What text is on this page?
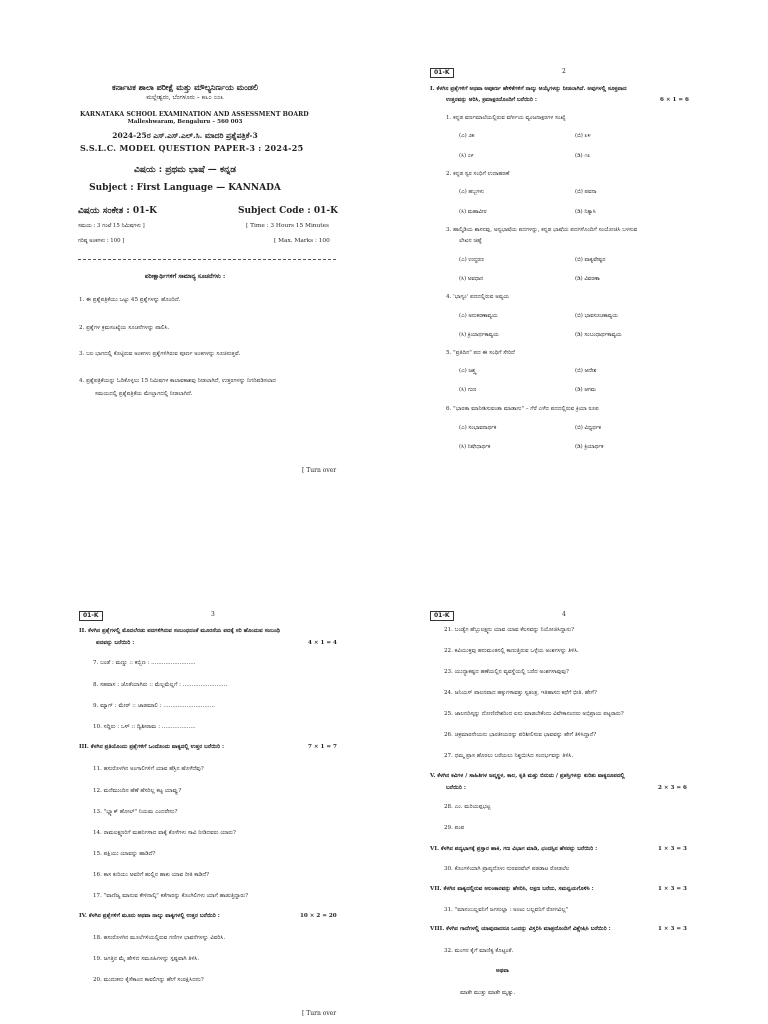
ಕರ್ನಾಟಕ ಶಾಲಾ ಪರೀಕ್ಷೆ ಮತ್ತು ಮೌಲ್ಯನಿರ್ಣಯ ಮಂಡಲಿ
ಮಲ್ಲೇಶ್ವರಂ, ಬೆಂಗಳೂರು – ೫೬೦ ೦೦೩
KARNATAKA SCHOOL EXAMINATION AND ASSESSMENT BOARD
Malleshwaram, Bengaluru – 560 003
2024-25ರ ಎಸ್.ಎಸ್.ಎಲ್.ಸಿ. ಮಾದರಿ ಪ್ರಶ್ನೆಪತ್ರಿಕೆ-3
S.S.L.C. MODEL QUESTION PAPER-3 : 2024-25
ವಿಷಯ : ಪ್ರಥಮ ಭಾಷೆ — ಕನ್ನಡ
Subject : First Language — KANNADA
ವಿಷಯ ಸಂಕೇತ : 01-K	Subject Code : 01-K
ಸಮಯ : 3 ಗಂಟೆ 15 ನಿಮಿಷಗಳು ]	[ Time : 3 Hours 15 Minutes
ಗರಿಷ್ಠ ಅಂಕಗಳು : 100 ]	[ Max. Marks : 100
ಪರೀಕ್ಷಾರ್ಥಿಗಳಿಗೆ ಸಾಮಾನ್ಯ ಸೂಚನೆಗಳು :
1. ಈ ಪ್ರಶ್ನೆಪತ್ರಿಕೆಯು ಒಟ್ಟು 45 ಪ್ರಶ್ನೆಗಳನ್ನು ಹೊಂದಿದೆ.
2. ಪ್ರಶ್ನೆಗಳ ಕ್ರಮಸಂಖ್ಯೆಯ ಸೂಚನೆಗಳನ್ನು ಪಾಲಿಸಿ.
3. ಬಲ ಭಾಗದಲ್ಲಿ ಕೊಟ್ಟಿರುವ ಅಂಕಗಳು ಪ್ರಶ್ನೆಗಳಿಗಿರುವ ಪೂರ್ಣ ಅಂಕಗಳನ್ನು ಸೂಚಿಸುತ್ತವೆ.
4. ಪ್ರಶ್ನೆಪತ್ರಿಕೆಯನ್ನು ಓದಿಕೊಳ್ಳಲು 15 ನಿಮಿಷಗಳ ಕಾಲಾವಕಾಶವು ನೀಡಲಾಗಿದೆ, ಉತ್ತರಗಳನ್ನು ನಿಗದಿಪಡಿಸಲಾದ
ಸಮಯದಲ್ಲಿ ಪ್ರಶ್ನೆಪತ್ರಿಕೆಯ ಮೇಲ್ಭಾಗದಲ್ಲಿ ನೀಡಲಾಗಿದೆ.
[ Turn over
01-K	2
I. ಕೆಳಗಿನ ಪ್ರಶ್ನೆಗಳಿಗೆ ಅಥವಾ ಅಪೂರ್ಣ ಹೇಳಿಕೆಗಳಿಗೆ ನಾಲ್ಕು ಆಯ್ಕೆಗಳನ್ನು ನೀಡಲಾಗಿದೆ. ಅವುಗಳಲ್ಲಿ ಸೂಕ್ತವಾದ
ಉತ್ತರವನ್ನು ಆರಿಸಿ, ಕ್ರಮಾಕ್ಷರದೊಂದಿಗೆ ಬರೆಯಿರಿ :	6 × 1 = 6
1. ಕನ್ನಡ ವರ್ಣಮಾಲೆಯಲ್ಲಿರುವ ವರ್ಗೀಯ ವ್ಯಂಜನಾಕ್ಷರಗಳ ಸಂಖ್ಯೆ
(ಎ) ೨೫	(ಬಿ) ೩೪
(ಸಿ) ೦೯	(ಡಿ) ೧೩
2. ಕನ್ನಡ ಸ್ವರ ಸಂಧಿಗೆ ಉದಾಹರಣೆ
(ಎ) ಹಬ್ಬಗಳು	(ಬಿ) ಪವನಾ
(ಸಿ) ಮಹಾವೀರ	(ಡಿ) ನಿತ್ಯಾಸಿ
3. ಹಾಲ್ಮಿಡಿಯ ಶಾಸನವು, ಅನ್ಯಭಾಷೆಯ ಪದಗಳನ್ನು, ಕನ್ನಡ ಭಾಷೆಯ ಪದಗಳೊಂದಿಗೆ ಸಂಯೋಜಿಸಿ ಬಳಸುವ
ಲೇಖನ ಚಿಹ್ನೆ
(ಎ) ಉದ್ಧರಣ	(ಬಿ) ವಾಕ್ಯವೇಷ್ಟನ
(ಸಿ) ಅವಧಾನ	(ಡಿ) ವಿವರಣಾ
4. 'ಭಾಗ್ಯಂ' ಪದದಲ್ಲಿರುವ ಅವ್ಯಯ
(ಎ) ಅನುಕರಣಾವ್ಯಯ	(ಬಿ) ಭಾವಸೂಚಕಾವ್ಯಯ
(ಸಿ) ಕ್ರಿಯಾರ್ಥಕಾವ್ಯಯ	(ಡಿ) ಸಂಬಂಧಾರ್ಥಕಾವ್ಯಯ
5. "ಪ್ರತಿದಿನ" ಪದ ಈ ಸಂಧಿಗೆ ಸೇರಿದೆ
(ಎ) ಜಶ್ತ್ವ	(ಬಿ) ಆದೇಶ
(ಸಿ) ಗುಣ	(ಡಿ) ಆಗಮ
6. "ಭಾರತಾ ಮಾನೀಶಿಸುವಂತಾ ಮಾಡಾಗು" – ಗೆರೆ ಎಳೆದ ಪದದಲ್ಲಿರುವ ಕ್ರಿಯಾ ರೂಪ
(ಎ) ಸಂಭಾವನಾರ್ಥಕ	(ಬಿ) ವಿಧ್ಯರ್ಥಕ
(ಸಿ) ನಿಷೇಧಾರ್ಥಕ	(ಡಿ) ಕ್ರಿಯಾರ್ಥಕ
01-K	3
II. ಕೆಳಗಿನ ಪ್ರಶ್ನೆಗಳಲ್ಲಿ ಮೊದಲೆರಡು ಪದಗಳಿಗಿರುವ ಸಂಬಂಧದಂತೆ ಮೂರನೆಯ ಪದಕ್ಕೆ ಸರಿ ಹೊಂದುವ ಸಂಬಂಧಿ
ಪದವನ್ನು ಬರೆಯಿರಿ :	4 × 1 = 4
7. ಬಂಡೆ : ಮಣ್ಣು :: ಕಬ್ಬಿಣ : .........................
8. ಸಹವಾಸ : ಜೊತೆಯಾಗಿರು :: ಮೆಲ್ಲಮೆಲ್ಲಗೆ : .........................
9. ಮ್ಯಾಗ್ : ಮೇರ್ :: ಜಾಡಮಾಲಿ : .............................
10. ಸದ್ದಿರು : ಒಳ್ :: ದ್ವಿಶೀರಾಮ : ...................
III. ಕೆಳಗಿನ ಪ್ರತಿಯೊಂದು ಪ್ರಶ್ನೆಗಳಿಗೆ ಒಂದೊಂದು ವಾಕ್ಯದಲ್ಲಿ ಉತ್ತರ ಬರೆಯಿರಿ :	7 × 1 = 7
11. ಹಸುರೊಳಗಿನ ಅಂಗಾಲಿಗಳಿಗೆ ಯಾವ ಹೆಸ್ರಿನ ಹೊಳೆದೆವು?
12. ಮನೆಮುಂದಿನ ಹೆಣೆ ಹೆಸರಿಲ್ಲ ಕಟ್ಟ ಯಾವ್ವು?
13. "ಬ್ಲ್ಯಾಕ್ ಹೋಲ್" ನಿಯಮ ಎಂದರೇನು?
14. ರಾಮಲಕ್ಷ್ಮಣರಿಗೆ ಮಹನಿಗಳಾದ ವಾಕ್ಕೆ ಕೊಳೆಗಳು ಸಾವಿ ನೀಡಿದವರು ಯಾರು?
15. ಪಕ್ಷಿಯು ಯಾವನ್ನು ಹಾಡಿದೆ?
16. ಕಾಸ ಕುರಿಯು ಅವರಿಗೆ ಹುಲ್ಲಿನ ಹಾಕು ಯಾವ ರೀತಿ ಕಾಡಿದೆ?
17. "ವಾಣಿಜ್ಯ ಮಾನುವ ಕೇಳಿನಾಲ್ಕಿ" ಕತೆಗಾರನ್ನು ಕೊಂಗಿಲಿಗಳು ಯಾಗೆ ಹಾಡುತ್ತಿದ್ದಾರು?
IV. ಕೆಳಗಿನ ಪ್ರಶ್ನೆಗಳಿಗೆ ಮೂರು ಅಥವಾ ನಾಲ್ಕು ವಾಕ್ಯಗಳಲ್ಲಿ ಉತ್ತರ ಬರೆಯಿರಿ :	10 × 2 = 20
18. ಹಸುರೊಳಗಿನ ಮೂಲೆಗಳಿಯಲ್ಲಿರುವ ಗಣಿಗಳ ಭಾವನೆಗಳನ್ನು ವಿವರಿಸಿ.
19. ಜಗತ್ತಿನ ಮೈ ಹೇಳಿದ ಸಮೂಹಿಗಳನ್ನು ಸ್ಪಷ್ಟವಾಗಿ ತಿಳಿಸಿ.
20. ಮುದುಕನು ಕೈಸೆಕಾಂದ ಕಾವಲಿಗನ್ನು ಹೇಗೆ ಸಂರಕ್ಷಿಸಿದನು?
[ Turn over
01-K	4
21. ಬಂಡ್ಯೆಗ ಹೆಬ್ಬುಲಕ್ಷ್ಮನು ಯಾವ ಯಾವ ಕೆಲಸವನ್ನು ನಿಯೋಜಿಸಿದ್ದಾನು?
22. ಕವಿಯುಕ್ತವು ಹನುಮಂತನಲ್ಲಿ ಕಾಣುತ್ತಿರುವ ಒಳ್ಳೆಯ ಅಂಶಗಳನ್ನು ತಿಳಿಸಿ.
23. ಯುದ್ಧಾಕಷ್ಟದ ಹಣೆಯಲ್ಲಿನ ವ್ಯವಸ್ಥೆಯಲ್ಲಿ ಬರೆದ ಅಂಶಗಳಾವುವು?
24. ಜನಿಯಸ್ ಪಾಲನವಾದ ಹಕ್ಕುಗಳಾವತ್ತು ಸ್ವತಂತ್ರ, ಇತಿಹಾಸದ ಕಥೆಗೆ ಭೀತಿ. ಹೇಗೆ?
25. ಜಾಲನದಿಸ್ಕನ್ನು ದೋಣಿದೇಶರಿಂದ ಏನು ಮಾಡಬೇಕೆಂದು ವಿವೇಕಾನಂದರು ಅಭಿಪ್ರಾಯ ಪಟ್ಟರಾರು?
26. ಚಕ್ರಮಾರನೇಯನು ಭಾರತೀಯರನ್ನು ಪರಿಶೀಲಿಸುವ ಭಾವವನ್ನು ಹೇಗೆ ತಿಳಿಸಿದ್ದಾನೆ?
27. ಧಮ್ಮ ಪ್ರಾಸ ಹೊರಲು ಬರೆಯಲು ನಿಶ್ಚಯಿಸಿದ ಸಂದರ್ಭವನ್ನು ತಿಳಿಸಿ.
V. ಕೆಳಗಿನ ಕವಿಗಳ / ಸಾಹಿತಿಗಳ ಜನ್ಮಸ್ಥಳ, ಕಾಲ, ಕೃತಿ ಮತ್ತು ಬಿರುದು / ಪ್ರಶಸ್ತಿಗಳನ್ನು ಕುರಿತು ವಾಕ್ಯರೂಪದಲ್ಲಿ
ಬರೆಯಿರಿ :	2 × 3 = 6
28. ಎಂ. ಮರಿಯಪ್ಪಭಟ್ಟ
29. ಪಂಪ
VI. ಕೆಳಗಿನ ಪದ್ಯಭಾಗಕ್ಕೆ ಪ್ರಸ್ತಾರ ಹಾಕಿ, ಗಣ ವಿಭಾಗ ಮಾಡಿ, ಛಂದಸ್ಸಿನ ಹೆಸರನ್ನು ಬರೆಯಿರಿ :	1 × 3 = 3
30. ಕೊಂಗಳಿಯಾಗಿ ಪ್ರಾಪ್ಯದೊಳು ನುರವರವೆಲ್ ಪಡಡಾಟ ರೋಡಲೆಲ
VII. ಕೆಳಗಿನ ವಾಕ್ಯದಲ್ಲಿರುವ ಅಲಂಕಾರವನ್ನು ಹೆಸರಿಸಿ, ಲಕ್ಷಣ ಬರೆದು, ಸಮನ್ವಯಗೊಳಿಸಿ :	1 × 3 = 3
31. "ಮಾನಂಬಲ್ಲವನಿಗೆ ಜಗಸುಲ್ಲಾ : ಅಂಟು ಬಲ್ಲವನಿಗೆ ರೋಗವಿಲ್ಲ"
VIII. ಕೆಳಗಿನ ಗಾದೆಗಳಲ್ಲಿ ಯಾವುದಾದರೂ ಒಂದನ್ನು ವಿಸ್ತರಿಸಿ ಮಾತ್ರದೊಂದಿಗೆ ವಿಶ್ಲೇಷಿಸಿ ಬರೆಯಿರಿ :	1 × 3 = 3
32. ಮಂಗನ ಕೈಗೆ ಮಾಣಿಕ್ಯ ಕೊಟ್ಟಂತೆ.
ಅಥವಾ
ಮಾತೇ ಮುತ್ತು ಮಾತೇ ಮೃತ್ಯು.
